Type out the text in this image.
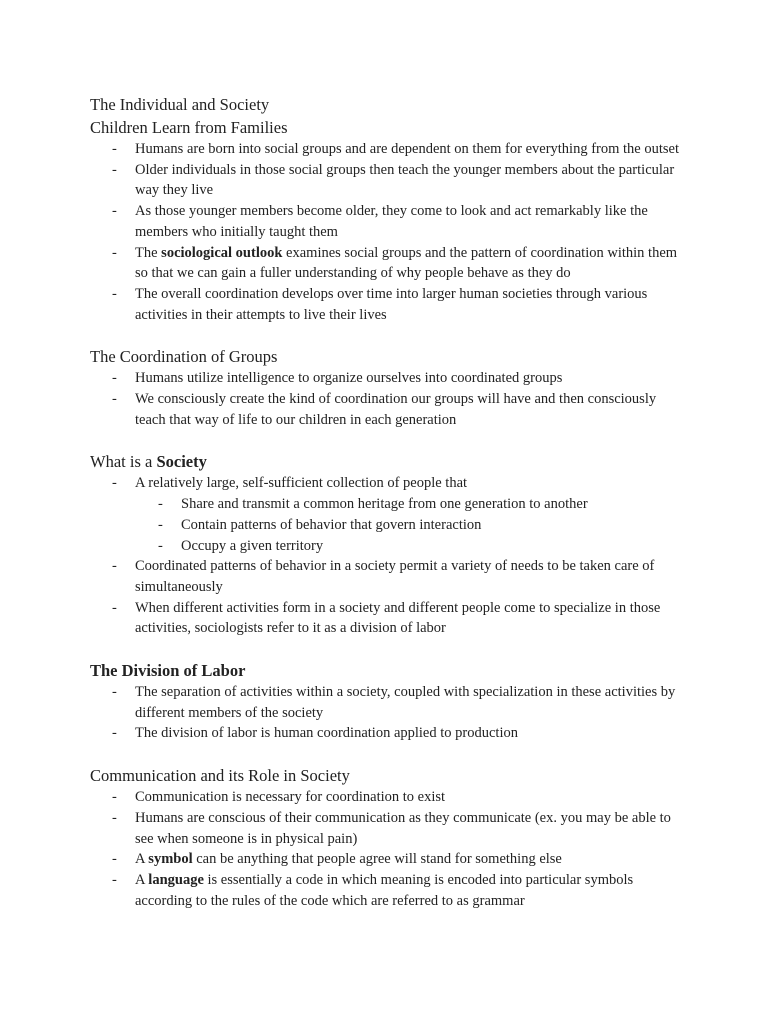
The Individual and Society
Children Learn from Families
- Humans are born into social groups and are dependent on them for everything from the outset
- Older individuals in those social groups then teach the younger members about the particular way they live
- As those younger members become older, they come to look and act remarkably like the members who initially taught them
- The sociological outlook examines social groups and the pattern of coordination within them so that we can gain a fuller understanding of why people behave as they do
- The overall coordination develops over time into larger human societies through various activities in their attempts to live their lives
The Coordination of Groups
- Humans utilize intelligence to organize ourselves into coordinated groups
- We consciously create the kind of coordination our groups will have and then consciously teach that way of life to our children in each generation
What is a Society
- A relatively large, self-sufficient collection of people that
- Share and transmit a common heritage from one generation to another
- Contain patterns of behavior that govern interaction
- Occupy a given territory
- Coordinated patterns of behavior in a society permit a variety of needs to be taken care of simultaneously
- When different activities form in a society and different people come to specialize in those activities, sociologists refer to it as a division of labor
The Division of Labor
- The separation of activities within a society, coupled with specialization in these activities by different members of the society
- The division of labor is human coordination applied to production
Communication and its Role in Society
- Communication is necessary for coordination to exist
- Humans are conscious of their communication as they communicate (ex. you may be able to see when someone is in physical pain)
- A symbol can be anything that people agree will stand for something else
- A language is essentially a code in which meaning is encoded into particular symbols according to the rules of the code which are referred to as grammar
